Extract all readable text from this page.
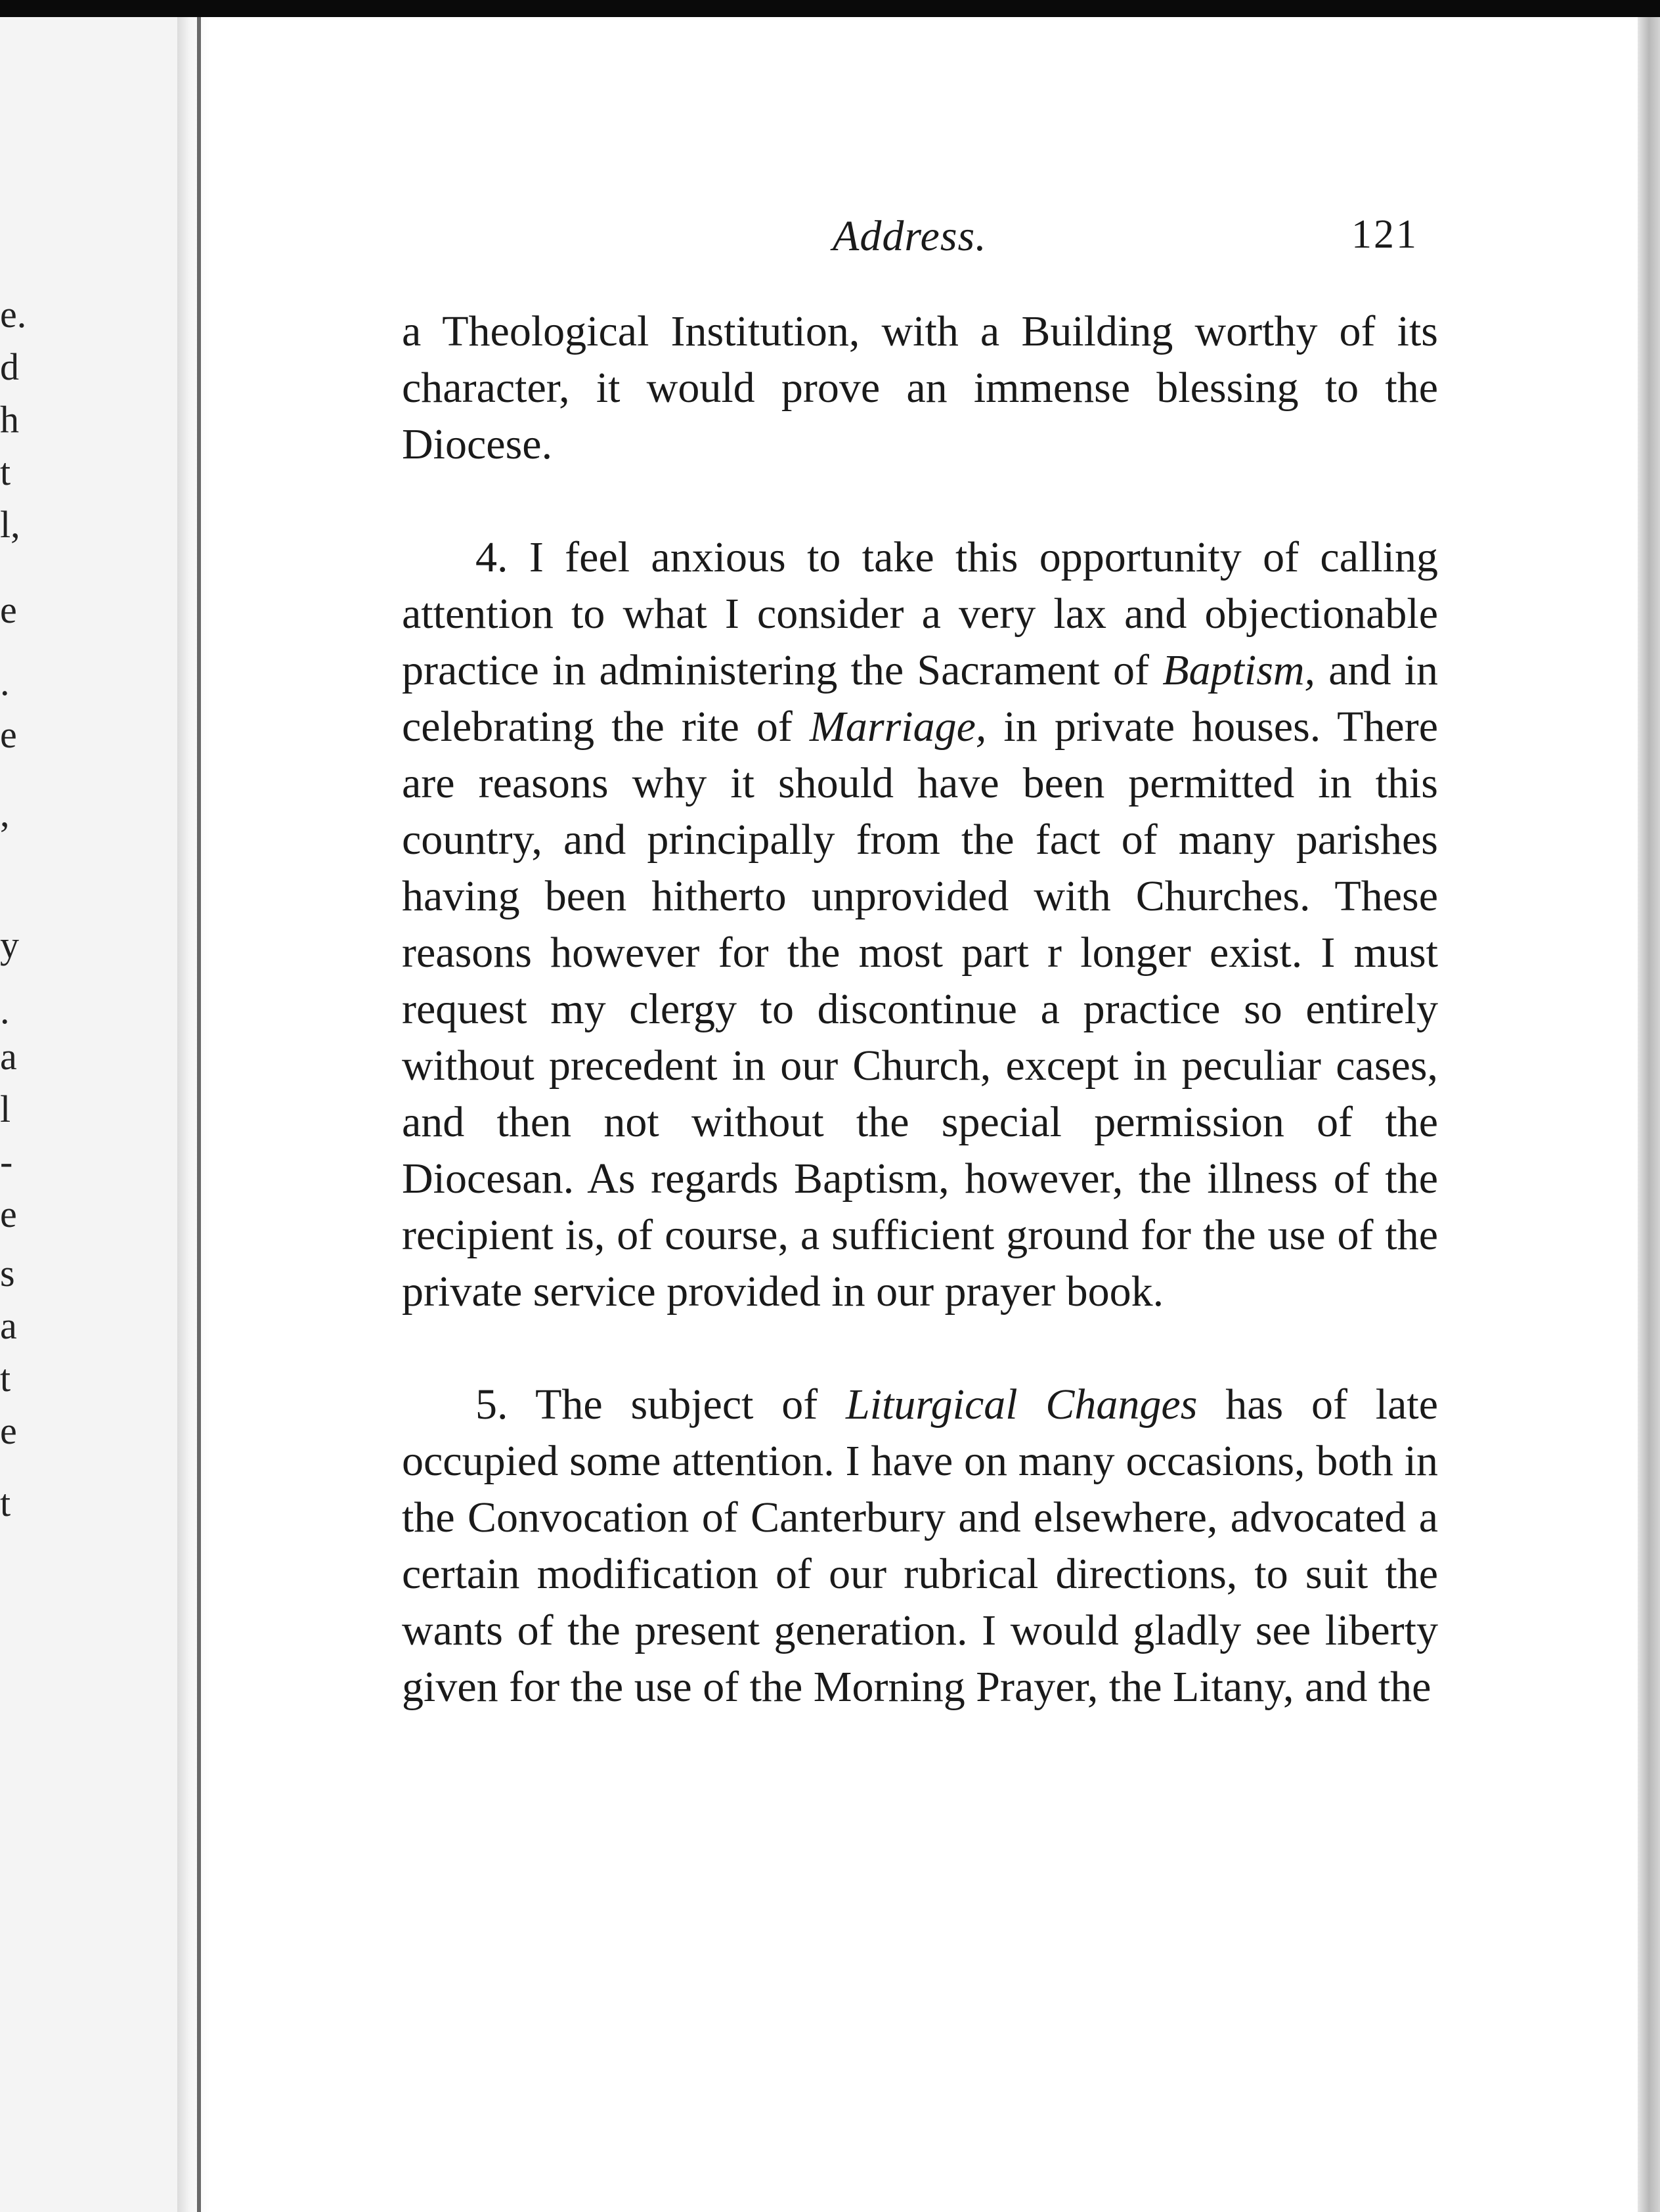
e.
d
h
t
l,
e
.
e
,
y
.
a
l
-
e
s
a
t
e
t
Address.	121

a Theological Institution, with a Building worthy of its character, it would prove an immense blessing to the Diocese.

4. I feel anxious to take this opportunity of calling attention to what I consider a very lax and objectionable practice in administering the Sacrament of Baptism, and in celebrating the rite of Marriage, in private houses. There are reasons why it should have been permitted in this country, and principally from the fact of many parishes having been hitherto unprovided with Churches. These reasons however for the most part r longer exist. I must request my clergy to discontinue a practice so entirely without precedent in our Church, except in peculiar cases, and then not without the special permission of the Diocesan. As regards Baptism, however, the illness of the recipient is, of course, a sufficient ground for the use of the private service provided in our prayer book.

5. The subject of Liturgical Changes has of late occupied some attention. I have on many occasions, both in the Convocation of Canterbury and elsewhere, advocated a certain modification of our rubrical directions, to suit the wants of the present generation. I would gladly see liberty given for the use of the Morning Prayer, the Litany, and the
